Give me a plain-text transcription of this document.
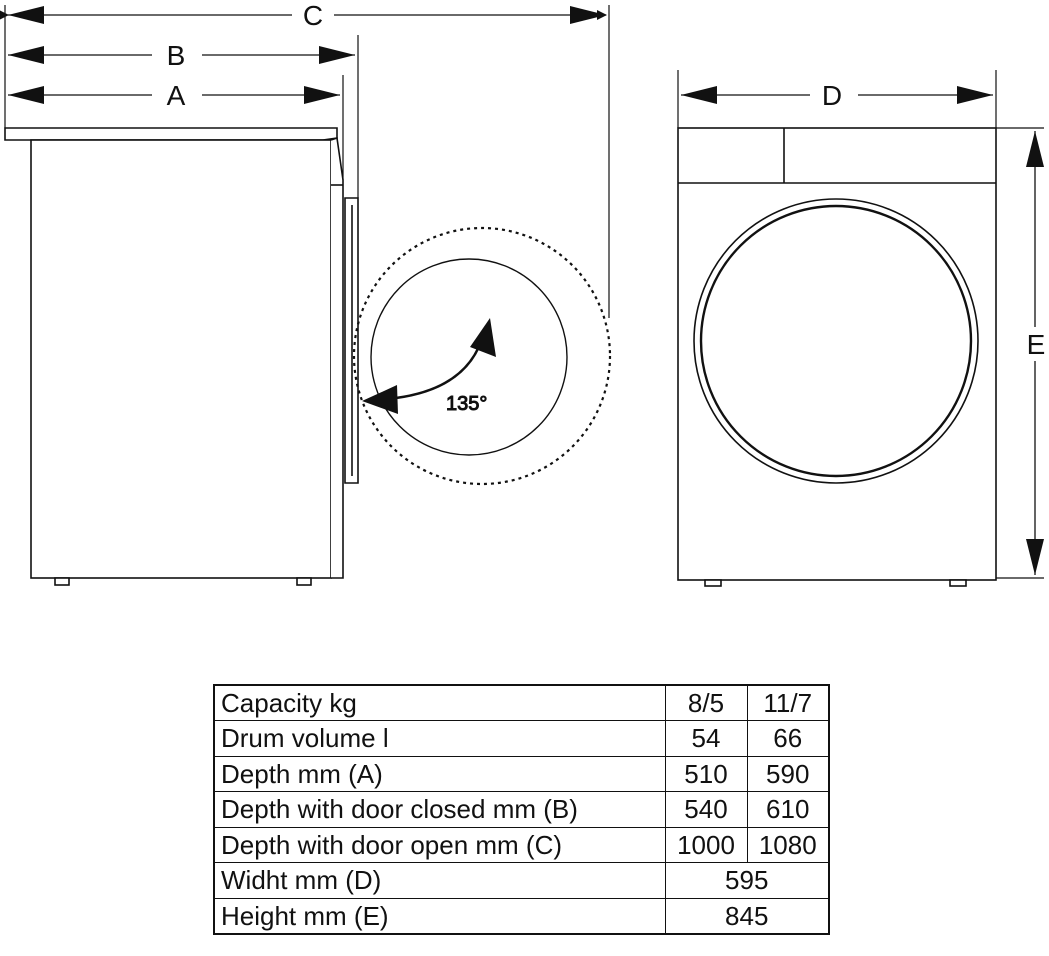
135°
C
B
A	D
E
Capacity kg	8/5	11/7
Drum volume l	54	66
Depth mm (A)	510	590
Depth with door closed mm (B)	540	610
Depth with door open mm (C)	1000	1080
Widht mm (D)	595	
Height mm (E)	845	
